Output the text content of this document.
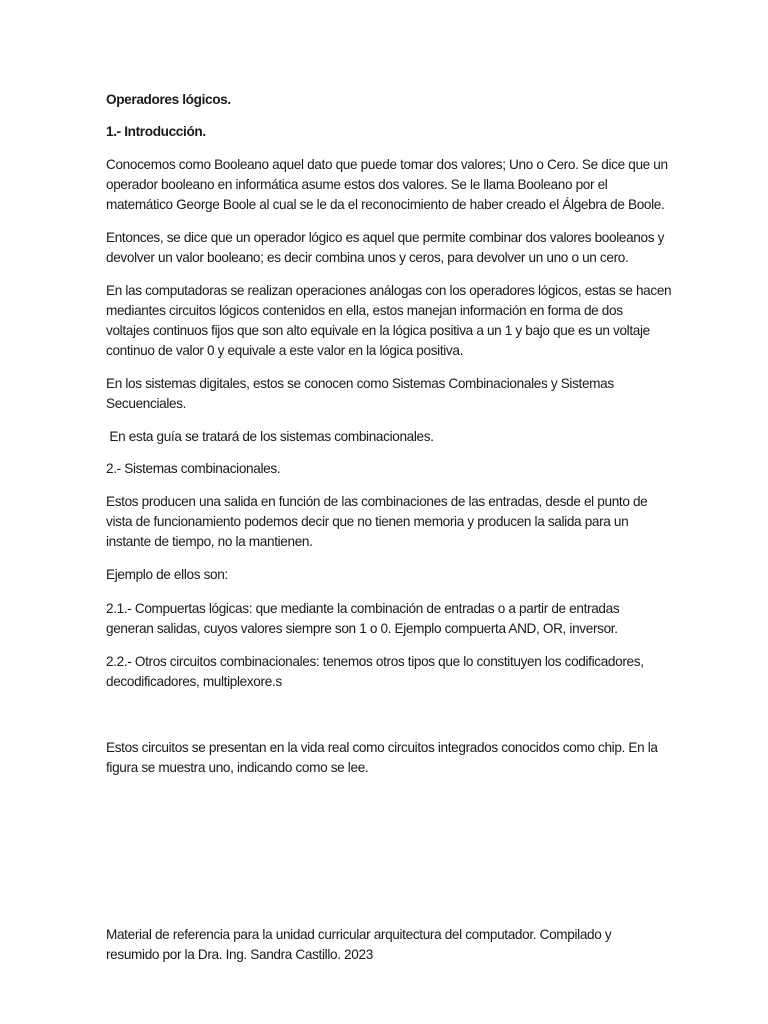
Operadores lógicos.

1.- Introducción.

Conocemos como Booleano aquel dato que puede tomar dos valores; Uno o Cero. Se dice que un
operador booleano en informática asume estos dos valores. Se le llama Booleano por el
matemático George Boole al cual se le da el reconocimiento de haber creado el Álgebra de Boole.

Entonces, se dice que un operador lógico es aquel que permite combinar dos valores booleanos y
devolver un valor booleano; es decir combina unos y ceros, para devolver un uno o un cero.

En las computadoras se realizan operaciones análogas con los operadores lógicos, estas se hacen
mediantes circuitos lógicos contenidos en ella, estos manejan información en forma de dos
voltajes continuos fijos que son alto equivale en la lógica positiva a un 1 y bajo que es un voltaje
continuo de valor 0 y equivale a este valor en la lógica positiva.

En los sistemas digitales, estos se conocen como Sistemas Combinacionales y Sistemas
Secuenciales.

En esta guía se tratará de los sistemas combinacionales.

2.- Sistemas combinacionales.

Estos producen una salida en función de las combinaciones de las entradas, desde el punto de
vista de funcionamiento podemos decir que no tienen memoria y producen la salida para un
instante de tiempo, no la mantienen.

Ejemplo de ellos son:

2.1.- Compuertas lógicas: que mediante la combinación de entradas o a partir de entradas
generan salidas, cuyos valores siempre son 1 o 0. Ejemplo compuerta AND, OR, inversor.

2.2.- Otros circuitos combinacionales: tenemos otros tipos que lo constituyen los codificadores,
decodificadores, multiplexore.s

Estos circuitos se presentan en la vida real como circuitos integrados conocidos como chip. En la
figura se muestra uno, indicando como se lee.

Material de referencia para la unidad curricular arquitectura del computador. Compilado y
resumido por la Dra. Ing. Sandra Castillo. 2023
